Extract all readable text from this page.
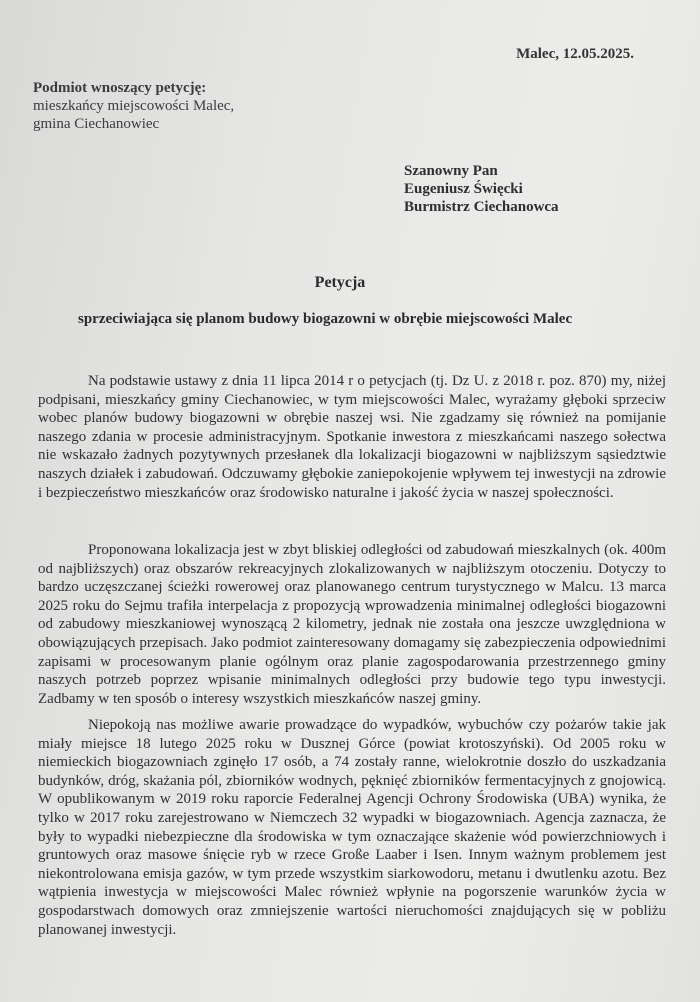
Malec, 12.05.2025.
Podmiot wnoszący petycję:
mieszkańcy miejscowości Malec,
gmina Ciechanowiec
Szanowny Pan
Eugeniusz Święcki
Burmistrz Ciechanowca
Petycja
sprzeciwiająca się planom budowy biogazowni w obrębie miejscowości Malec

Na podstawie ustawy z dnia 11 lipca 2014 r o petycjach (tj. Dz U. z 2018 r. poz. 870) my, niżej podpisani, mieszkańcy gminy Ciechanowiec, w tym miejscowości Malec, wyrażamy głęboki sprzeciw wobec planów budowy biogazowni w obrębie naszej wsi. Nie zgadzamy się również na pomijanie naszego zdania w procesie administracyjnym. Spotkanie inwestora z mieszkańcami naszego sołectwa nie wskazało żadnych pozytywnych przesłanek dla lokalizacji biogazowni w najbliższym sąsiedztwie naszych działek i zabudowań. Odczuwamy głębokie zaniepokojenie wpływem tej inwestycji na zdrowie i bezpieczeństwo mieszkańców oraz środowisko naturalne i jakość życia w naszej społeczności.

Proponowana lokalizacja jest w zbyt bliskiej odległości od zabudowań mieszkalnych (ok. 400m od najbliższych) oraz obszarów rekreacyjnych zlokalizowanych w najbliższym otoczeniu. Dotyczy to bardzo uczęszczanej ścieżki rowerowej oraz planowanego centrum turystycznego w Malcu. 13 marca 2025 roku do Sejmu trafiła interpelacja z propozycją wprowadzenia minimalnej odległości biogazowni od zabudowy mieszkaniowej wynoszącą 2 kilometry, jednak nie została ona jeszcze uwzględniona w obowiązujących przepisach. Jako podmiot zainteresowany domagamy się zabezpieczenia odpowiednimi zapisami w procesowanym planie ogólnym oraz planie zagospodarowania przestrzennego gminy naszych potrzeb poprzez wpisanie minimalnych odległości przy budowie tego typu inwestycji. Zadbamy w ten sposób o interesy wszystkich mieszkańców naszej gminy.

Niepokoją nas możliwe awarie prowadzące do wypadków, wybuchów czy pożarów takie jak miały miejsce 18 lutego 2025 roku w Dusznej Górce (powiat krotoszyński). Od 2005 roku w niemieckich biogazowniach zginęło 17 osób, a 74 zostały ranne, wielokrotnie doszło do uszkadzania budynków, dróg, skażania pól, zbiorników wodnych, pęknięć zbiorników fermentacyjnych z gnojowicą. W opublikowanym w 2019 roku raporcie Federalnej Agencji Ochrony Środowiska (UBA) wynika, że tylko w 2017 roku zarejestrowano w Niemczech 32 wypadki w biogazowniach. Agencja zaznacza, że były to wypadki niebezpieczne dla środowiska w tym oznaczające skażenie wód powierzchniowych i gruntowych oraz masowe śnięcie ryb w rzece Große Laaber i Isen. Innym ważnym problemem jest niekontrolowana emisja gazów, w tym przede wszystkim siarkowodoru, metanu i dwutlenku azotu. Bez wątpienia inwestycja w miejscowości Malec również wpłynie na pogorszenie warunków życia w gospodarstwach domowych oraz zmniejszenie wartości nieruchomości znajdujących się w pobliżu planowanej inwestycji.
